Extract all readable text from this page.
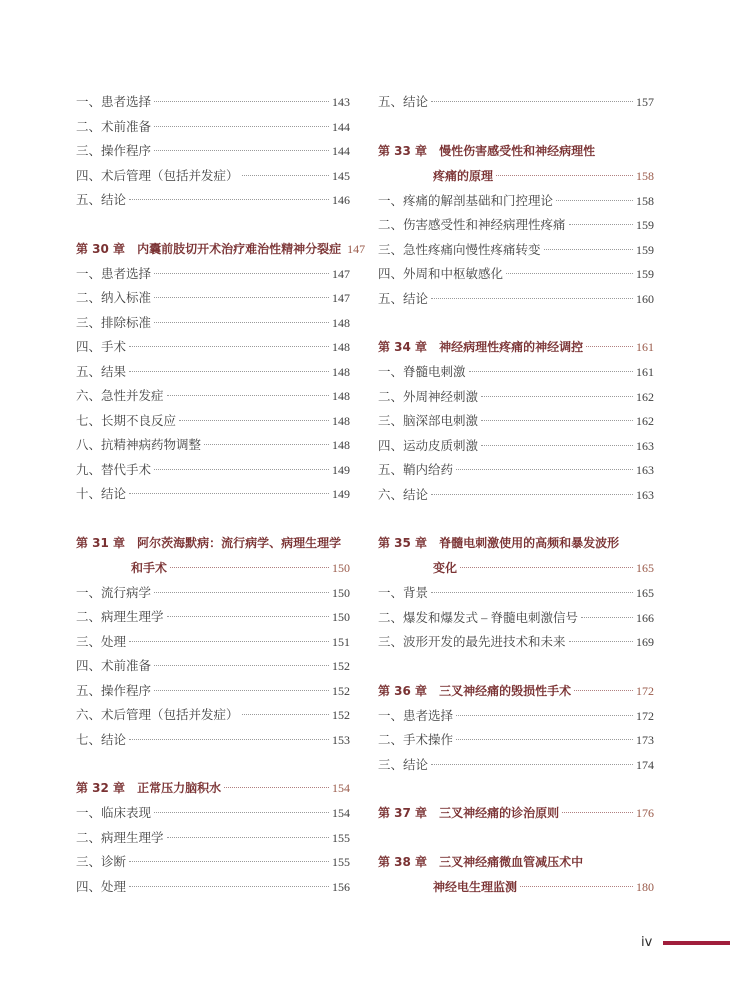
一、患者选择	143
二、术前准备	144
三、操作程序	144
四、术后管理（包括并发症）	145
五、结论	146
第 30 章 内囊前肢切开术治疗难治性精神分裂症 147
一、患者选择	147
二、纳入标准	147
三、排除标准	148
四、手术	148
五、结果	148
六、急性并发症	148
七、长期不良反应	148
八、抗精神病药物调整	148
九、替代手术	149
十、结论	149
第 31 章 阿尔茨海默病：流行病学、病理生理学
和手术	150
一、流行病学	150
二、病理生理学	150
三、处理	151
四、术前准备	152
五、操作程序	152
六、术后管理（包括并发症）	152
七、结论	153
第 32 章 正常压力脑积水	154
一、临床表现	154
二、病理生理学	155
三、诊断	155
四、处理	156
五、结论	157
第 33 章 慢性伤害感受性和神经病理性
疼痛的原理	158
一、疼痛的解剖基础和门控理论	158
二、伤害感受性和神经病理性疼痛	159
三、急性疼痛向慢性疼痛转变	159
四、外周和中枢敏感化	159
五、结论	160
第 34 章 神经病理性疼痛的神经调控	161
一、脊髓电刺激	161
二、外周神经刺激	162
三、脑深部电刺激	162
四、运动皮质刺激	163
五、鞘内给药	163
六、结论	163
第 35 章 脊髓电刺激使用的高频和暴发波形
变化	165
一、背景	165
二、爆发和爆发式 – 脊髓电刺激信号	166
三、波形开发的最先进技术和未来	169
第 36 章 三叉神经痛的毁损性手术	172
一、患者选择	172
二、手术操作	173
三、结论	174
第 37 章 三叉神经痛的诊治原则	176
第 38 章 三叉神经痛微血管减压术中
神经电生理监测	180
iv
